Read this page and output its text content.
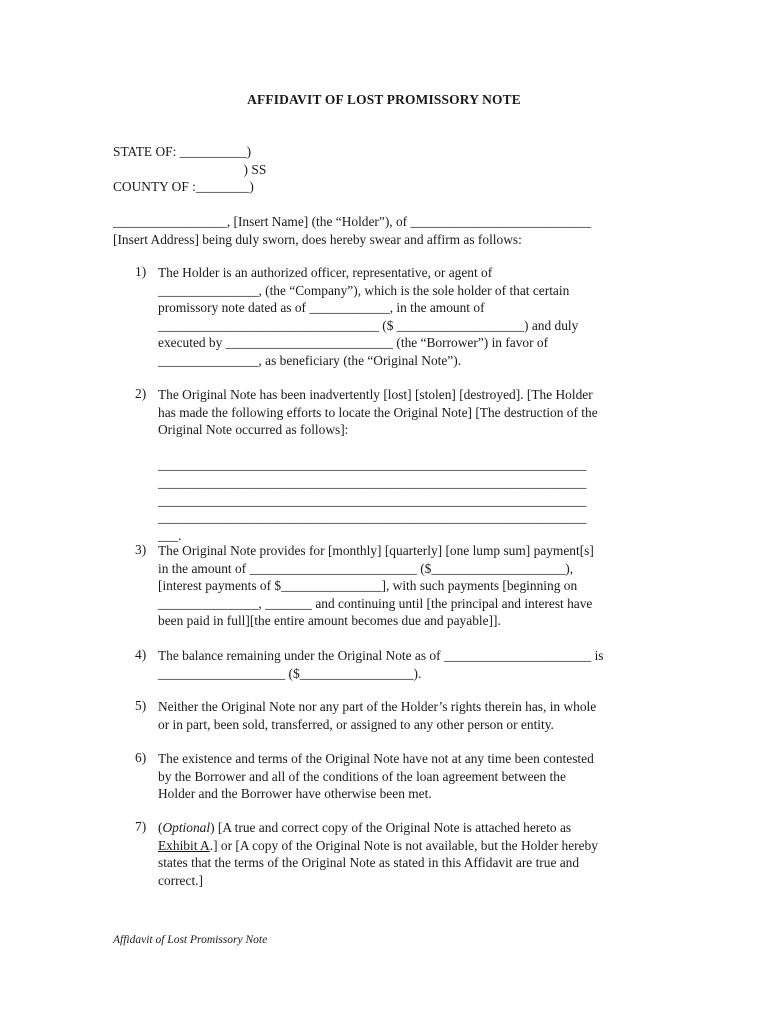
AFFIDAVIT OF LOST PROMISSORY NOTE
STATE OF: __________)
) SS
COUNTY OF :________)
_________________, [Insert Name] (the “Holder”), of ___________________________
[Insert Address] being duly sworn, does hereby swear and affirm as follows:
1) The Holder is an authorized officer, representative, or agent of
_______________, (the “Company”), which is the sole holder of that certain
promissory note dated as of ____________, in the amount of
_________________________________ ($ ___________________) and duly
executed by _________________________ (the “Borrower”) in favor of
_______________, as beneficiary (the “Original Note”).
2) The Original Note has been inadvertently [lost] [stolen] [destroyed]. [The Holder
has made the following efforts to locate the Original Note] [The destruction of the
Original Note occurred as follows]:
________________________________________________________________
________________________________________________________________
________________________________________________________________
________________________________________________________________
___.
3) The Original Note provides for [monthly] [quarterly] [one lump sum] payment[s]
in the amount of _________________________ ($____________________),
[interest payments of $_______________], with such payments [beginning on
_______________, _______ and continuing until [the principal and interest have
been paid in full][the entire amount becomes due and payable]].
4) The balance remaining under the Original Note as of ______________________ is
___________________ ($_________________).
5) Neither the Original Note nor any part of the Holder’s rights therein has, in whole
or in part, been sold, transferred, or assigned to any other person or entity.
6) The existence and terms of the Original Note have not at any time been contested
by the Borrower and all of the conditions of the loan agreement between the
Holder and the Borrower have otherwise been met.
7) (Optional) [A true and correct copy of the Original Note is attached hereto as
Exhibit A.] or [A copy of the Original Note is not available, but the Holder hereby
states that the terms of the Original Note as stated in this Affidavit are true and
correct.]
Affidavit of Lost Promissory Note
